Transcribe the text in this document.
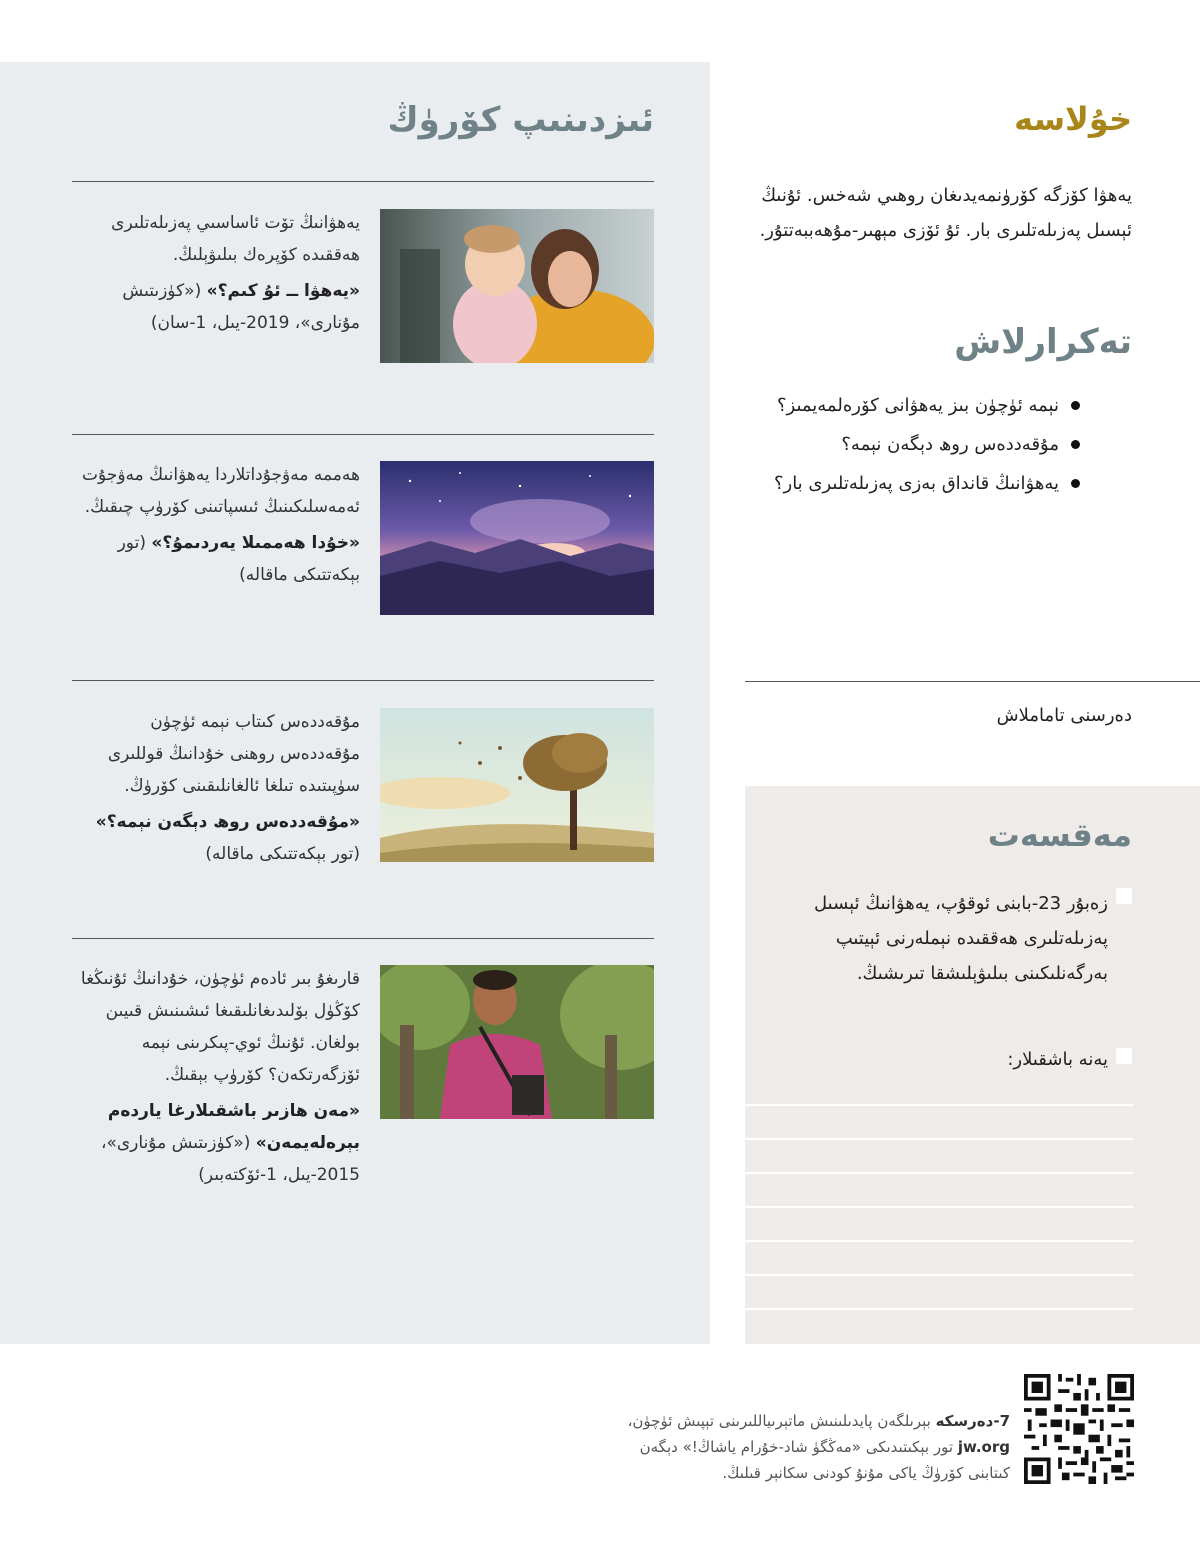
ئىزدىنىپ كۆرۈڭ
يەھۋانىڭ تۆت ئاساسىي پەزىلەتلىرى ھەققىدە كۆپرەك بىلىۋېلىڭ.
«يەھۋا ــ ئۇ كىم؟» («كۈزىتىش مۇنارى»، 2019-يىل، 1-سان)
ھەممە مەۋجۇداتلاردا يەھۋانىڭ مەۋجۇت ئەمەسلىكىنىڭ ئىسپاتىنى كۆرۈپ چىقىڭ.
«خۇدا ھەممىلا يەردىمۇ؟» (تور بېكەتتىكى ماقالە)
مۇقەددەس كىتاب نېمە ئۈچۈن مۇقەددەس روھنى خۇدانىڭ قوللىرى سۈپىتىدە تىلغا ئالغانلىقىنى كۆرۈڭ.
«مۇقەددەس روھ دېگەن نېمە؟» (تور بېكەتتىكى ماقالە)
قارىغۇ بىر ئادەم ئۈچۈن، خۇدانىڭ ئۇنىڭغا كۆڭۈل بۆلىدىغانلىقىغا ئىشىنىش قىيىن بولغان. ئۇنىڭ ئوي-پىكرىنى نېمە ئۆزگەرتكەن؟ كۆرۈپ بېقىڭ.
«مەن ھازىر باشقىلارغا ياردەم بېرەلەيمەن» («كۈزىتىش مۇنارى»، 2015-يىل، 1-ئۆكتەبىر)
خۇلاسە
يەھۋا كۆزگە كۆرۈنمەيدىغان روھىي شەخس. ئۇنىڭ ئېسىل پەزىلەتلىرى بار. ئۇ ئۆزى مېھىر-مۇھەببەتتۇر.
تەكرارلاش
نېمە ئۈچۈن بىز يەھۋانى كۆرەلمەيمىز؟
مۇقەددەس روھ دېگەن نېمە؟
يەھۋانىڭ قانداق بەزى پەزىلەتلىرى بار؟
دەرسنى تاماملاش
مەقسەت
زەبۇر 23-بابنى ئوقۇپ، يەھۋانىڭ ئېسىل پەزىلەتلىرى ھەققىدە نېملەرنى ئېيتىپ بەرگەنلىكىنى بىلىۋېلىشقا تىرىشىڭ.
يەنە باشقىلار:
7-دەرسكە بېرىلگەن پايدىلىنىش ماتېرىياللىرىنى تېپىش ئۈچۈن،
jw.org تور بېكىتىدىكى «مەڭگۈ شاد-خۇرام ياشاڭ!» دېگەن
كىتابنى كۆرۈڭ ياكى مۇنۇ كودنى سكانېر قىلىڭ.
